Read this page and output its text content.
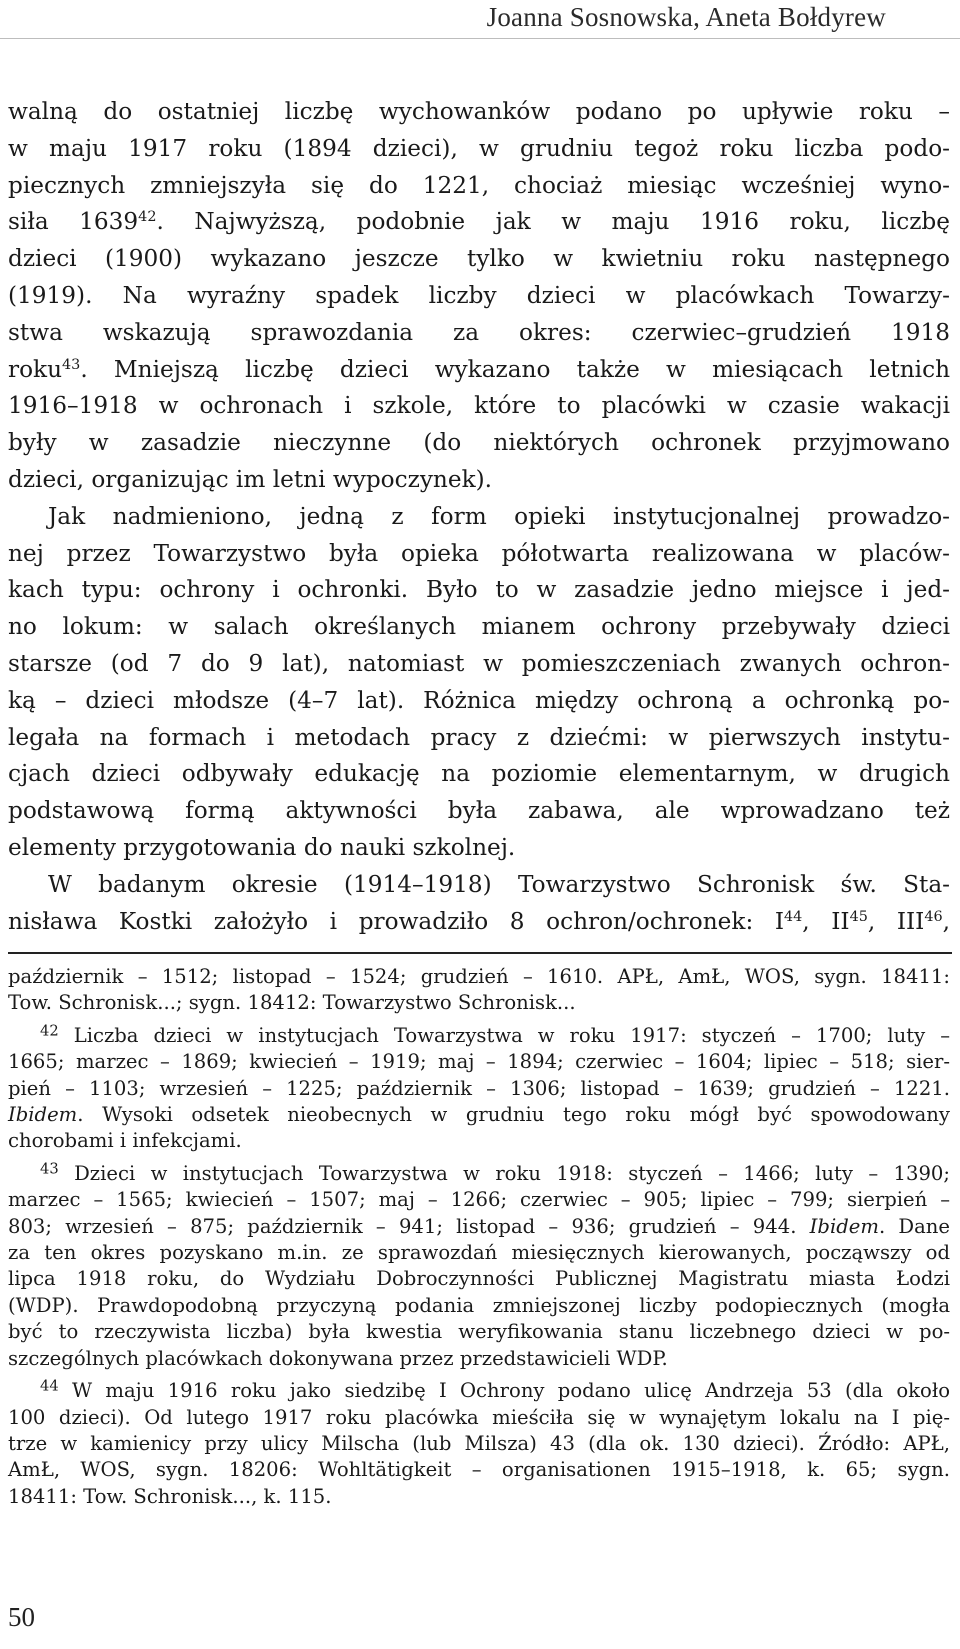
Joanna Sosnowska, Aneta Bołdyrew

walną do ostatniej liczbę wychowanków podano po upływie roku –
w maju 1917 roku (1894 dzieci), w grudniu tegoż roku liczba podo-
piecznych zmniejszyła się do 1221, chociaż miesiąc wcześniej wyno-
siła 1639$^{42}$. Najwyższą, podobnie jak w maju 1916 roku, liczbę
dzieci (1900) wykazano jeszcze tylko w kwietniu roku następnego
(1919). Na wyraźny spadek liczby dzieci w placówkach Towarzy-
stwa wskazują sprawozdania za okres: czerwiec–grudzień 1918
roku$^{43}$. Mniejszą liczbę dzieci wykazano także w miesiącach letnich
1916–1918 w ochronach i szkole, które to placówki w czasie wakacji
były w zasadzie nieczynne (do niektórych ochronek przyjmowano
dzieci, organizując im letni wypoczynek).

Jak nadmieniono, jedną z form opieki instytucjonalnej prowadzo-
nej przez Towarzystwo była opieka półotwarta realizowana w placów-
kach typu: ochrony i ochronki. Było to w zasadzie jedno miejsce i jed-
no lokum: w salach określanych mianem ochrony przebywały dzieci
starsze (od 7 do 9 lat), natomiast w pomieszczeniach zwanych ochron-
ką – dzieci młodsze (4–7 lat). Różnica między ochroną a ochronką po-
legała na formach i metodach pracy z dziećmi: w pierwszych instytu-
cjach dzieci odbywały edukację na poziomie elementarnym, w drugich
podstawową formą aktywności była zabawa, ale wprowadzano też
elementy przygotowania do nauki szkolnej.

W badanym okresie (1914–1918) Towarzystwo Schronisk św. Sta-
nisława Kostki założyło i prowadziło 8 ochron/ochronek: $I^{44}$, II$^{45}$, III$^{46}$,

październik – 1512; listopad – 1524; grudzień – 1610. APŁ, AmŁ, WOS, sygn. 18411:
Tow. Schronisk...; sygn. 18412: Towarzystwo Schronisk...

$^{42}$ Liczba dzieci w instytucjach Towarzystwa w roku 1917: styczeń – 1700; luty –
1665; marzec – 1869; kwiecień – 1919; maj – 1894; czerwiec – 1604; lipiec – 518; sier-
pień – 1103; wrzesień – 1225; październik – 1306; listopad – 1639; grudzień – 1221.
Ibidem. Wysoki odsetek nieobecnych w grudniu tego roku mógł być spowodowany
chorobami i infekcjami.

$^{43}$ Dzieci w instytucjach Towarzystwa w roku 1918: styczeń – 1466; luty – 1390;
marzec – 1565; kwiecień – 1507; maj – 1266; czerwiec – 905; lipiec – 799; sierpień –
803; wrzesień – 875; październik – 941; listopad – 936; grudzień – 944. Ibidem. Dane
za ten okres pozyskano m.in. ze sprawozdań miesięcznych kierowanych, począwszy od
lipca 1918 roku, do Wydziału Dobroczynności Publicznej Magistratu miasta Łodzi
(WDP). Prawdopodobną przyczyną podania zmniejszonej liczby podopiecznych (mogła
być to rzeczywista liczba) była kwestia weryfikowania stanu liczebnego dzieci w po-
szczególnych placówkach dokonywana przez przedstawicieli WDP.

$^{44}$ W maju 1916 roku jako siedzibę I Ochrony podano ulicę Andrzeja 53 (dla około
100 dzieci). Od lutego 1917 roku placówka mieściła się w wynajętym lokalu na I pię-
trze w kamienicy przy ulicy Milscha (lub Milsza) 43 (dla ok. 130 dzieci). Źródło: APŁ,
AmŁ, WOS, sygn. 18206: Wohltätigkeit – organisationen 1915–1918, k. 65; sygn.
18411: Tow. Schronisk..., k. 115.

50
